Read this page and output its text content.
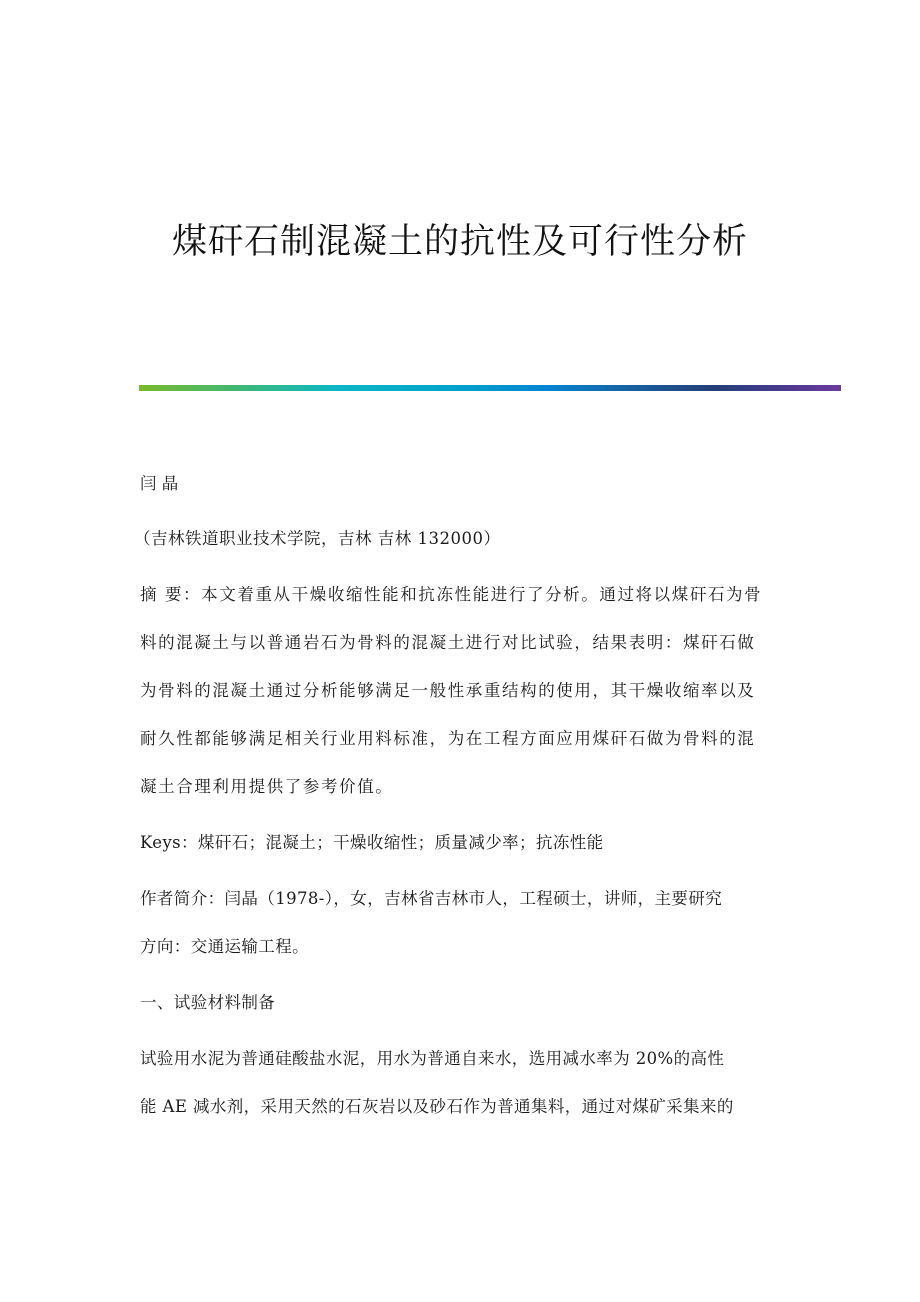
煤矸石制混凝土的抗性及可行性分析
闫 晶
（吉林铁道职业技术学院，吉林 吉林 132000）
摘 要：本文着重从干燥收缩性能和抗冻性能进行了分析。通过将以煤矸石为骨
料的混凝土与以普通岩石为骨料的混凝土进行对比试验，结果表明：煤矸石做
为骨料的混凝土通过分析能够满足一般性承重结构的使用，其干燥收缩率以及
耐久性都能够满足相关行业用料标准，为在工程方面应用煤矸石做为骨料的混
凝土合理利用提供了参考价值。
Keys：煤矸石；混凝土；干燥收缩性；质量减少率；抗冻性能
作者简介：闫晶（1978-），女，吉林省吉林市人，工程硕士，讲师，主要研究
方向：交通运输工程。
一、试验材料制备
试验用水泥为普通硅酸盐水泥，用水为普通自来水，选用减水率为 20%的高性
能 AE 减水剂，采用天然的石灰岩以及砂石作为普通集料，通过对煤矿采集来的
